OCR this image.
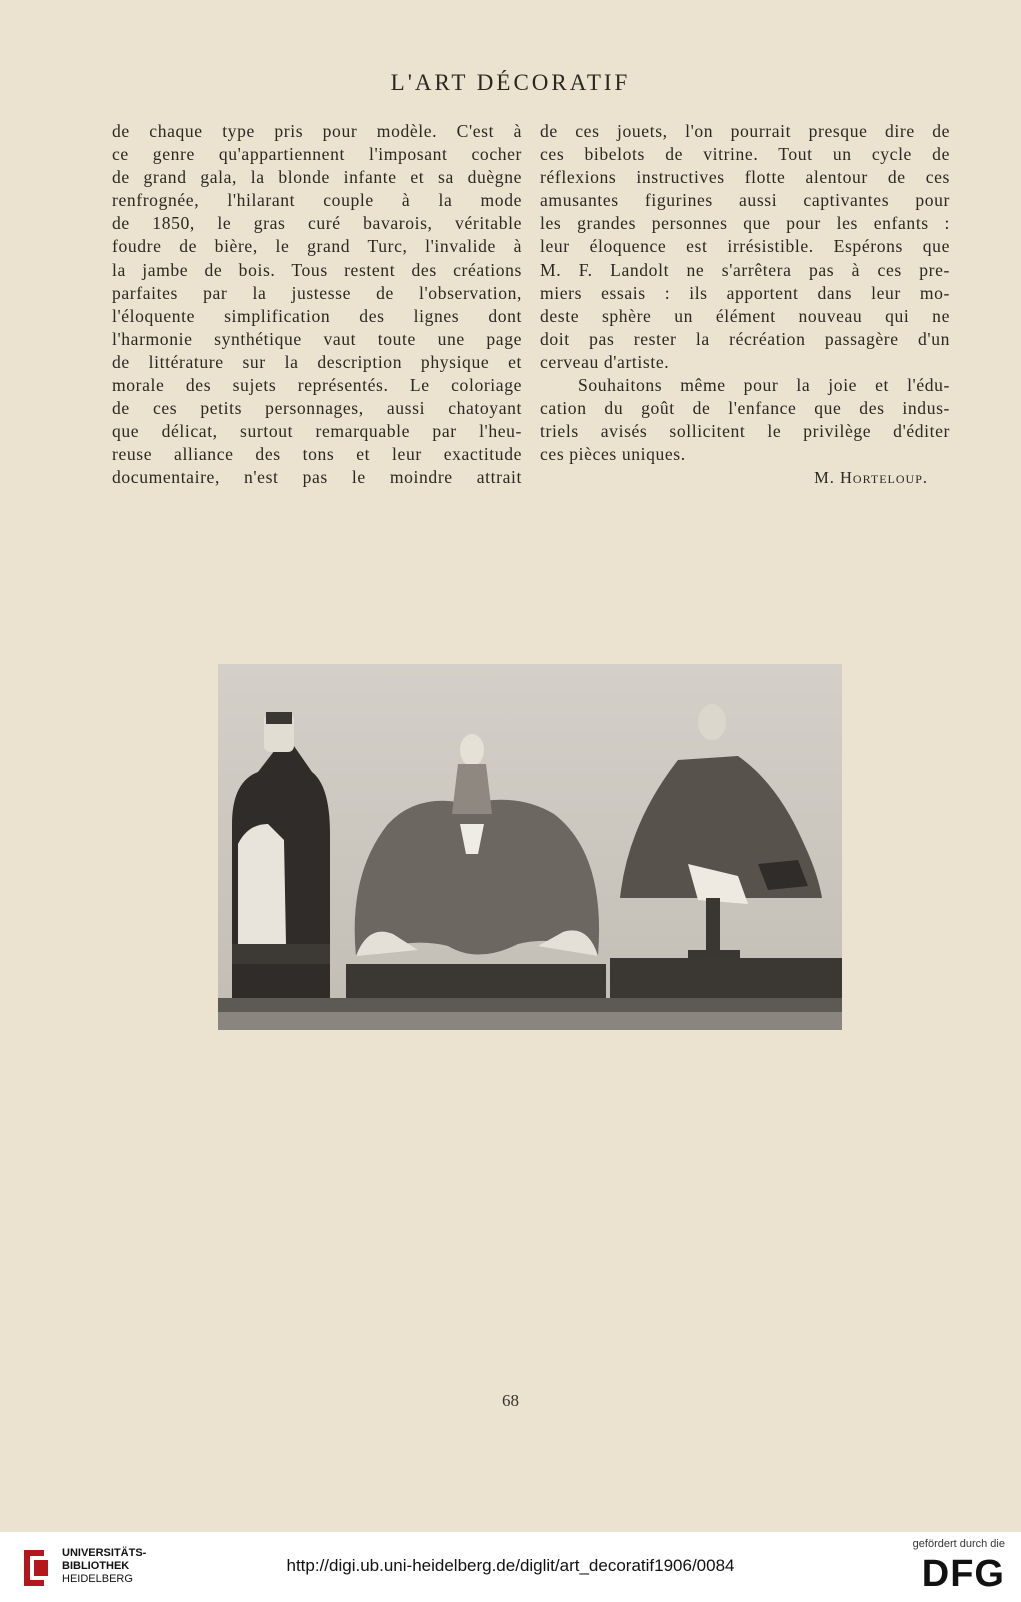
L'ART DÉCORATIF
de chaque type pris pour modèle. C'est à
ce genre qu'appartiennent l'imposant cocher
de grand gala, la blonde infante et sa duègne
renfrognée, l'hilarant couple à la mode
de 1850, le gras curé bavarois, véritable
foudre de bière, le grand Turc, l'invalide à
la jambe de bois. Tous restent des créations
parfaites par la justesse de l'observation,
l'éloquente simplification des lignes dont
l'harmonie synthétique vaut toute une page
de littérature sur la description physique et
morale des sujets représentés. Le coloriage
de ces petits personnages, aussi chatoyant
que délicat, surtout remarquable par l'heu-
reuse alliance des tons et leur exactitude
documentaire, n'est pas le moindre attrait
de ces jouets, l'on pourrait presque dire de
ces bibelots de vitrine. Tout un cycle de
réflexions instructives flotte alentour de ces
amusantes figurines aussi captivantes pour
les grandes personnes que pour les enfants :
leur éloquence est irrésistible. Espérons que
M. F. Landolt ne s'arrêtera pas à ces pre-
miers essais : ils apportent dans leur mo-
deste sphère un élément nouveau qui ne
doit pas rester la récréation passagère d'un
cerveau d'artiste.
Souhaitons même pour la joie et l'édu-
cation du goût de l'enfance que des indus-
triels avisés sollicitent le privilège d'éditer
ces pièces uniques.
M. Horteloup.
68
UNIVERSITÄTS-
BIBLIOTHEK
HEIDELBERG
http://digi.ub.uni-heidelberg.de/diglit/art_decoratif1906/0084
gefördert durch die
DFG
